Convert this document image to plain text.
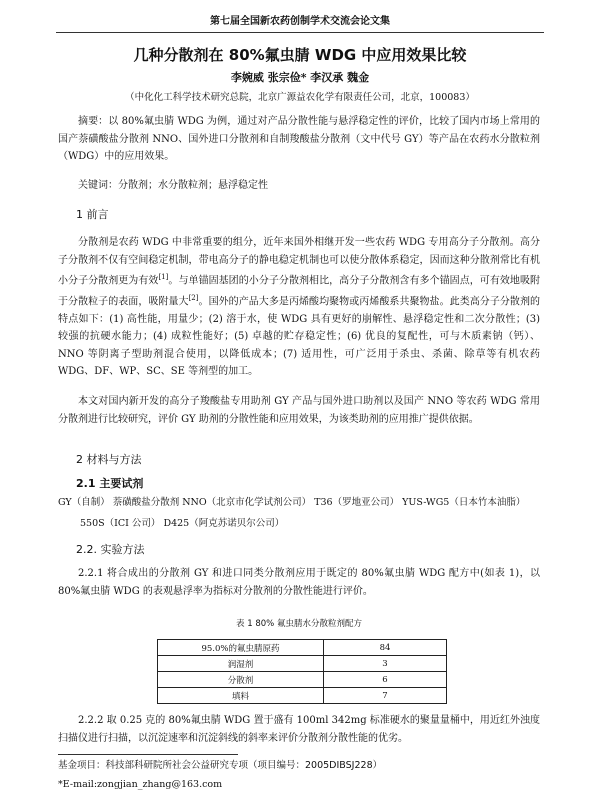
第七届全国新农药创制学术交流会论文集
几种分散剂在 80%氟虫腈 WDG 中应用效果比较
李婉威 张宗俭* 李汉承 魏金
（中化化工科学技术研究总院，北京广源益农化学有限责任公司，北京，100083）
摘要：以 80%氟虫腈 WDG 为例，通过对产品分散性能与悬浮稳定性的评价，比较了国内市场上常用的国产萘磺酸盐分散剂 NNO、国外进口分散剂和自制羧酸盐分散剂（文中代号 GY）等产品在农药水分散粒剂（WDG）中的应用效果。
关键词：分散剂；水分散粒剂；悬浮稳定性
1 前言
分散剂是农药 WDG 中非常重要的组分，近年来国外相继开发一些农药 WDG 专用高分子分散剂。高分子分散剂不仅有空间稳定机制，带电高分子的静电稳定机制也可以使分散体系稳定，因而这种分散剂常比有机小分子分散剂更为有效[1]。与单锚固基团的小分子分散剂相比，高分子分散剂含有多个锚固点，可有效地吸附于分散粒子的表面，吸附量大[2]。国外的产品大多是丙烯酸均聚物或丙烯酸系共聚物盐。此类高分子分散剂的特点如下：(1) 高性能，用量少；(2) 溶于水，使 WDG 具有更好的崩解性、悬浮稳定性和二次分散性；(3) 较强的抗硬水能力；(4) 成粒性能好；(5) 卓越的贮存稳定性；(6) 优良的复配性，可与木质素钠（钙）、NNO 等阴离子型助剂混合使用，以降低成本；(7) 适用性，可广泛用于杀虫、杀菌、除草等有机农药 WDG、DF、WP、SC、SE 等剂型的加工。
本文对国内新开发的高分子羧酸盐专用助剂 GY 产品与国外进口助剂以及国产 NNO 等农药 WDG 常用分散剂进行比较研究，评价 GY 助剂的分散性能和应用效果，为该类助剂的应用推广提供依据。
2 材料与方法
2.1 主要试剂
GY（自制） 萘磺酸盐分散剂 NNO（北京市化学试剂公司） T36（罗地亚公司） YUS-WG5（日本竹本油脂）
550S（ICI 公司） D425（阿克苏诺贝尔公司）
2.2. 实验方法
2.2.1 将合成出的分散剂 GY 和进口同类分散剂应用于既定的 80%氟虫腈 WDG 配方中(如表 1)，以 80%氟虫腈 WDG 的表观悬浮率为指标对分散剂的分散性能进行评价。
表 1 80% 氟虫腈水分散粒剂配方
95.0%的氟虫腈原药	84
润湿剂	3
分散剂	6
填料	7
2.2.2 取 0.25 克的 80%氟虫腈 WDG 置于盛有 100ml 342mg 标准硬水的聚量量桶中，用近红外浊度扫描仪进行扫描，以沉淀速率和沉淀斜线的斜率来评价分散剂分散性能的优劣。
基金项目：科技部科研院所社会公益研究专项（项目编号：2005DIBSJ228）
*E-mail:zongjian_zhang@163.com
